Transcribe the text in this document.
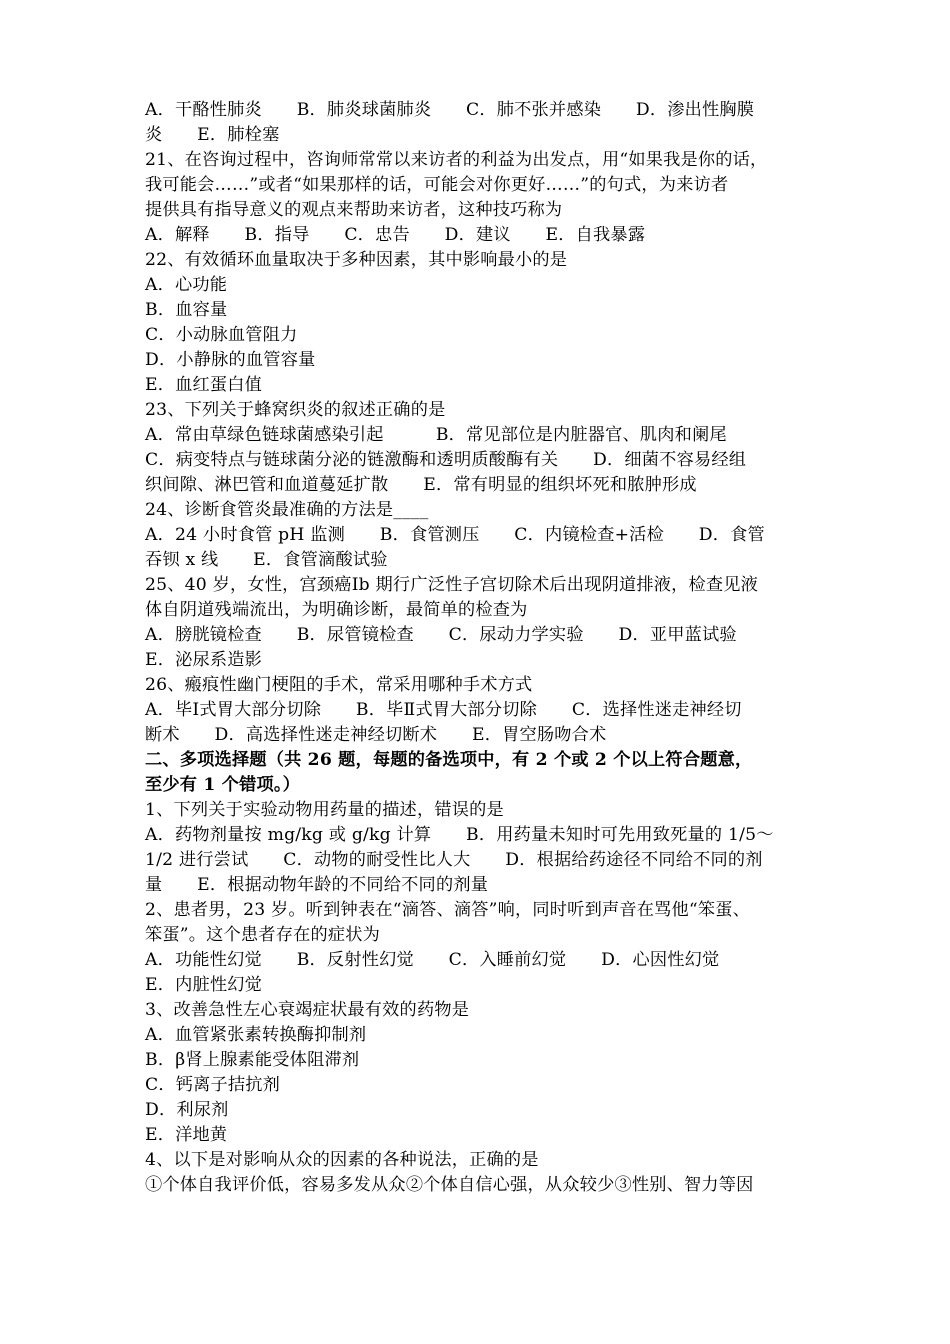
A．干酪性肺炎　　B．肺炎球菌肺炎　　C．肺不张并感染　　D．渗出性胸膜
炎　　E．肺栓塞
21、在咨询过程中，咨询师常常以来访者的利益为出发点，用“如果我是你的话，
我可能会……”或者“如果那样的话，可能会对你更好……”的句式，为来访者
提供具有指导意义的观点来帮助来访者，这种技巧称为
A．解释　　B．指导　　C．忠告　　D．建议　　E．自我暴露
22、有效循环血量取决于多种因素，其中影响最小的是
A．心功能
B．血容量
C．小动脉血管阻力
D．小静脉的血管容量
E．血红蛋白值
23、下列关于蜂窝织炎的叙述正确的是
A．常由草绿色链球菌感染引起　　　B．常见部位是内脏器官、肌肉和阑尾
C．病变特点与链球菌分泌的链激酶和透明质酸酶有关　　D．细菌不容易经组
织间隙、淋巴管和血道蔓延扩散　　E．常有明显的组织坏死和脓肿形成
24、诊断食管炎最准确的方法是____
A．24 小时食管 pH 监测　　B．食管测压　　C．内镜检查+活检　　D．食管
吞钡 x 线　　E．食管滴酸试验
25、40 岁，女性，宫颈癌Ⅰb 期行广泛性子宫切除术后出现阴道排液，检查见液
体自阴道残端流出，为明确诊断，最简单的检查为
A．膀胱镜检查　　B．尿管镜检查　　C．尿动力学实验　　D．亚甲蓝试验
E．泌尿系造影
26、瘢痕性幽门梗阻的手术，常采用哪种手术方式
A．毕Ⅰ式胃大部分切除　　B．毕Ⅱ式胃大部分切除　　C．选择性迷走神经切
断术　　D．高选择性迷走神经切断术　　E．胃空肠吻合术
二、多项选择题（共 26 题，每题的备选项中，有 2 个或 2 个以上符合题意，
至少有 1 个错项。）
1、下列关于实验动物用药量的描述，错误的是
A．药物剂量按 mg/kg 或 g/kg 计算　　B．用药量未知时可先用致死量的 1/5～
1/2 进行尝试　　C．动物的耐受性比人大　　D．根据给药途径不同给不同的剂
量　　E．根据动物年龄的不同给不同的剂量
2、患者男，23 岁。听到钟表在“滴答、滴答”响，同时听到声音在骂他“笨蛋、
笨蛋”。这个患者存在的症状为
A．功能性幻觉　　B．反射性幻觉　　C．入睡前幻觉　　D．心因性幻觉
E．内脏性幻觉
3、改善急性左心衰竭症状最有效的药物是
A．血管紧张素转换酶抑制剂
B．β肾上腺素能受体阻滞剂
C．钙离子拮抗剂
D．利尿剂
E．洋地黄
4、以下是对影响从众的因素的各种说法，正确的是
①个体自我评价低，容易多发从众②个体自信心强，从众较少③性别、智力等因
